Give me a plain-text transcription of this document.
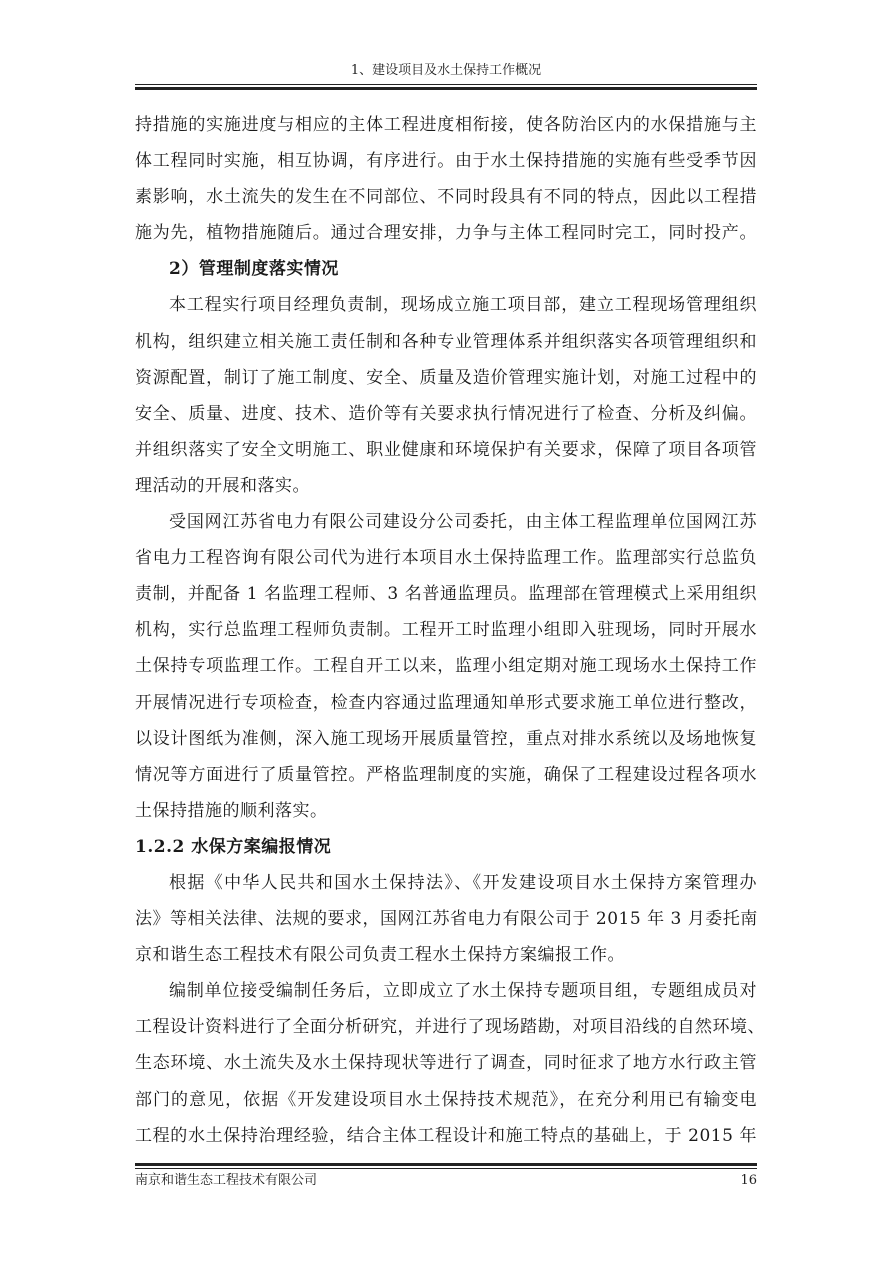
1、建设项目及水土保持工作概况
持措施的实施进度与相应的主体工程进度相衔接，使各防治区内的水保措施与主
体工程同时实施，相互协调，有序进行。由于水土保持措施的实施有些受季节因
素影响，水土流失的发生在不同部位、不同时段具有不同的特点，因此以工程措
施为先，植物措施随后。通过合理安排，力争与主体工程同时完工，同时投产。
2）管理制度落实情况
本工程实行项目经理负责制，现场成立施工项目部，建立工程现场管理组织
机构，组织建立相关施工责任制和各种专业管理体系并组织落实各项管理组织和
资源配置，制订了施工制度、安全、质量及造价管理实施计划，对施工过程中的
安全、质量、进度、技术、造价等有关要求执行情况进行了检查、分析及纠偏。
并组织落实了安全文明施工、职业健康和环境保护有关要求，保障了项目各项管
理活动的开展和落实。
受国网江苏省电力有限公司建设分公司委托，由主体工程监理单位国网江苏
省电力工程咨询有限公司代为进行本项目水土保持监理工作。监理部实行总监负
责制，并配备 1 名监理工程师、3 名普通监理员。监理部在管理模式上采用组织
机构，实行总监理工程师负责制。工程开工时监理小组即入驻现场，同时开展水
土保持专项监理工作。工程自开工以来，监理小组定期对施工现场水土保持工作
开展情况进行专项检查，检查内容通过监理通知单形式要求施工单位进行整改，
以设计图纸为准侧，深入施工现场开展质量管控，重点对排水系统以及场地恢复
情况等方面进行了质量管控。严格监理制度的实施，确保了工程建设过程各项水
土保持措施的顺利落实。
1.2.2 水保方案编报情况
根据《中华人民共和国水土保持法》、《开发建设项目水土保持方案管理办
法》等相关法律、法规的要求，国网江苏省电力有限公司于 2015 年 3 月委托南
京和谐生态工程技术有限公司负责工程水土保持方案编报工作。
编制单位接受编制任务后，立即成立了水土保持专题项目组，专题组成员对
工程设计资料进行了全面分析研究，并进行了现场踏勘，对项目沿线的自然环境、
生态环境、水土流失及水土保持现状等进行了调查，同时征求了地方水行政主管
部门的意见，依据《开发建设项目水土保持技术规范》，在充分利用已有输变电
工程的水土保持治理经验，结合主体工程设计和施工特点的基础上，于 2015 年
南京和谐生态工程技术有限公司	16
